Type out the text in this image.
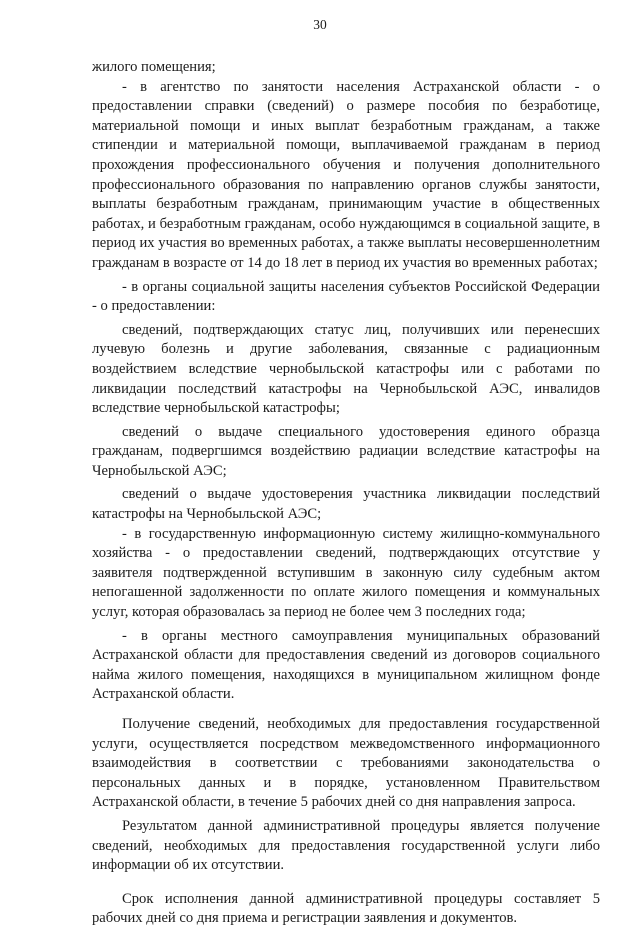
30

жилого помещения;

- в агентство по занятости населения Астраханской области - о предоставлении справки (сведений) о размере пособия по безработице, материальной помощи и иных выплат безработным гражданам, а также стипендии и материальной помощи, выплачиваемой гражданам в период прохождения профессионального обучения и получения дополнительного профессионального образования по направлению органов службы занятости, выплаты безработным гражданам, принимающим участие в общественных работах, и безработным гражданам, особо нуждающимся в социальной защите, в период их участия во временных работах, а также выплаты несовершеннолетним гражданам в возрасте от 14 до 18 лет в период их участия во временных работах;

- в органы социальной защиты населения субъектов Российской Федерации - о предоставлении:

сведений, подтверждающих статус лиц, получивших или перенесших лучевую болезнь и другие заболевания, связанные с радиационным воздействием вследствие чернобыльской катастрофы или с работами по ликвидации последствий катастрофы на Чернобыльской АЭС, инвалидов вследствие чернобыльской катастрофы;

сведений о выдаче специального удостоверения единого образца гражданам, подвергшимся воздействию радиации вследствие катастрофы на Чернобыльской АЭС;

сведений о выдаче удостоверения участника ликвидации последствий катастрофы на Чернобыльской АЭС;

- в государственную информационную систему жилищно-коммунального хозяйства - о предоставлении сведений, подтверждающих отсутствие у заявителя подтвержденной вступившим в законную силу судебным актом непогашенной задолженности по оплате жилого помещения и коммунальных услуг, которая образовалась за период не более чем 3 последних года;

- в органы местного самоуправления муниципальных образований Астраханской области для предоставления сведений из договоров социального найма жилого помещения, находящихся в муниципальном жилищном фонде Астраханской области.

Получение сведений, необходимых для предоставления государственной услуги, осуществляется посредством межведомственного информационного взаимодействия в соответствии с требованиями законодательства о персональных данных и в порядке, установленном Правительством Астраханской области, в течение 5 рабочих дней со дня направления запроса.

Результатом данной административной процедуры является получение сведений, необходимых для предоставления государственной услуги либо информации об их отсутствии.

Срок исполнения данной административной процедуры составляет 5 рабочих дней со дня приема и регистрации заявления и документов.
